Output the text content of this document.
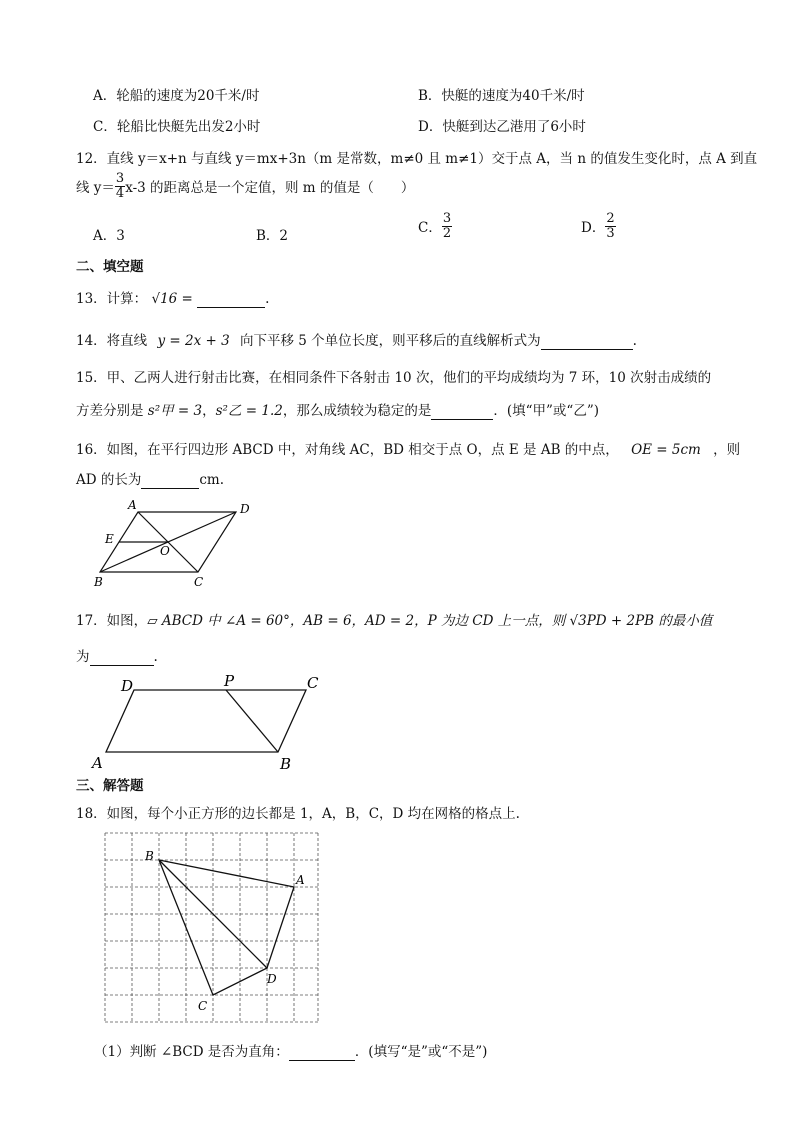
A．轮船的速度为20千米/时	B．快艇的速度为40千米/时
C．轮船比快艇先出发2小时	D．快艇到达乙港用了6小时
12．直线 y＝x+n 与直线 y＝mx+3n（m 是常数，m≠0 且 m≠1）交于点 A，当 n 的值发生变化时，点 A 到直
线 $y= \frac{3}{4} x-3$ 的距离总是一个定值，则 m 的值是（　　）
A．3	B．2	C． $\frac{3}{2}$	D． $\frac{2}{3}$
二、填空题
13．计算： √16 =	.
14．将直线 y = 2x + 3 向下平移 5 个单位长度，则平移后的直线解析式为	.
15．甲、乙两人进行射击比赛，在相同条件下各射击 10 次，他们的平均成绩均为 7 环，10 次射击成绩的
方差分别是 s²甲 = 3，s²乙 = 1.2，那么成绩较为稳定的是	．(填“甲”或“乙”)
16．如图，在平行四边形 ABCD 中，对角线 AC，BD 相交于点 O，点 E 是 AB 的中点， OE = 5cm ，则
AD 的长为	cm.
A	D
E
O
B	C
17．如图，▱ ABCD 中 ∠A = 60°，AB = 6，AD = 2，P 为边 CD 上一点，则 √3PD + 2PB 的最小值
为	.
D	P	C
A	B
三、解答题
18．如图，每个小正方形的边长都是 1，A，B，C，D 均在网格的格点上.
B
A
D
C
（1）判断 ∠BCD 是否为直角：	．(填写“是”或“不是”)
